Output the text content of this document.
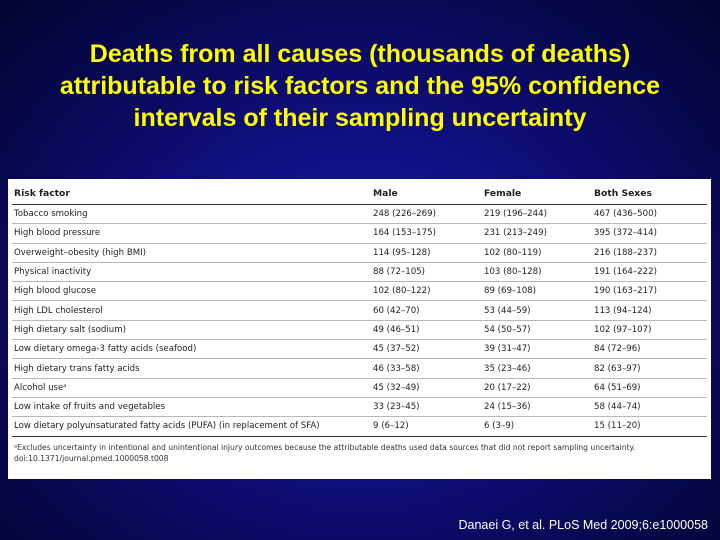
Deaths from all causes (thousands of deaths)
attributable to risk factors and the 95% confidence
intervals of their sampling uncertainty
Risk factor	Male	Female	Both Sexes
Tobacco smoking	248 (226–269)	219 (196–244)	467 (436–500)
High blood pressure	164 (153–175)	231 (213–249)	395 (372–414)
Overweight–obesity (high BMI)	114 (95–128)	102 (80–119)	216 (188–237)
Physical inactivity	88 (72–105)	103 (80–128)	191 (164–222)
High blood glucose	102 (80–122)	89 (69–108)	190 (163–217)
High LDL cholesterol	60 (42–70)	53 (44–59)	113 (94–124)
High dietary salt (sodium)	49 (46–51)	54 (50–57)	102 (97–107)
Low dietary omega-3 fatty acids (seafood)	45 (37–52)	39 (31–47)	84 (72–96)
High dietary trans fatty acids	46 (33–58)	35 (23–46)	82 (63–97)
Alcohol useᵃ	45 (32–49)	20 (17–22)	64 (51–69)
Low intake of fruits and vegetables	33 (23–45)	24 (15–36)	58 (44–74)
Low dietary polyunsaturated fatty acids (PUFA) (in replacement of SFA)	9 (6–12)	6 (3–9)	15 (11–20)
ᵃExcludes uncertainty in intentional and unintentional injury outcomes because the attributable deaths used data sources that did not report sampling uncertainty.
doi:10.1371/journal.pmed.1000058.t008
Danaei G, et al. PLoS Med 2009;6:e1000058
